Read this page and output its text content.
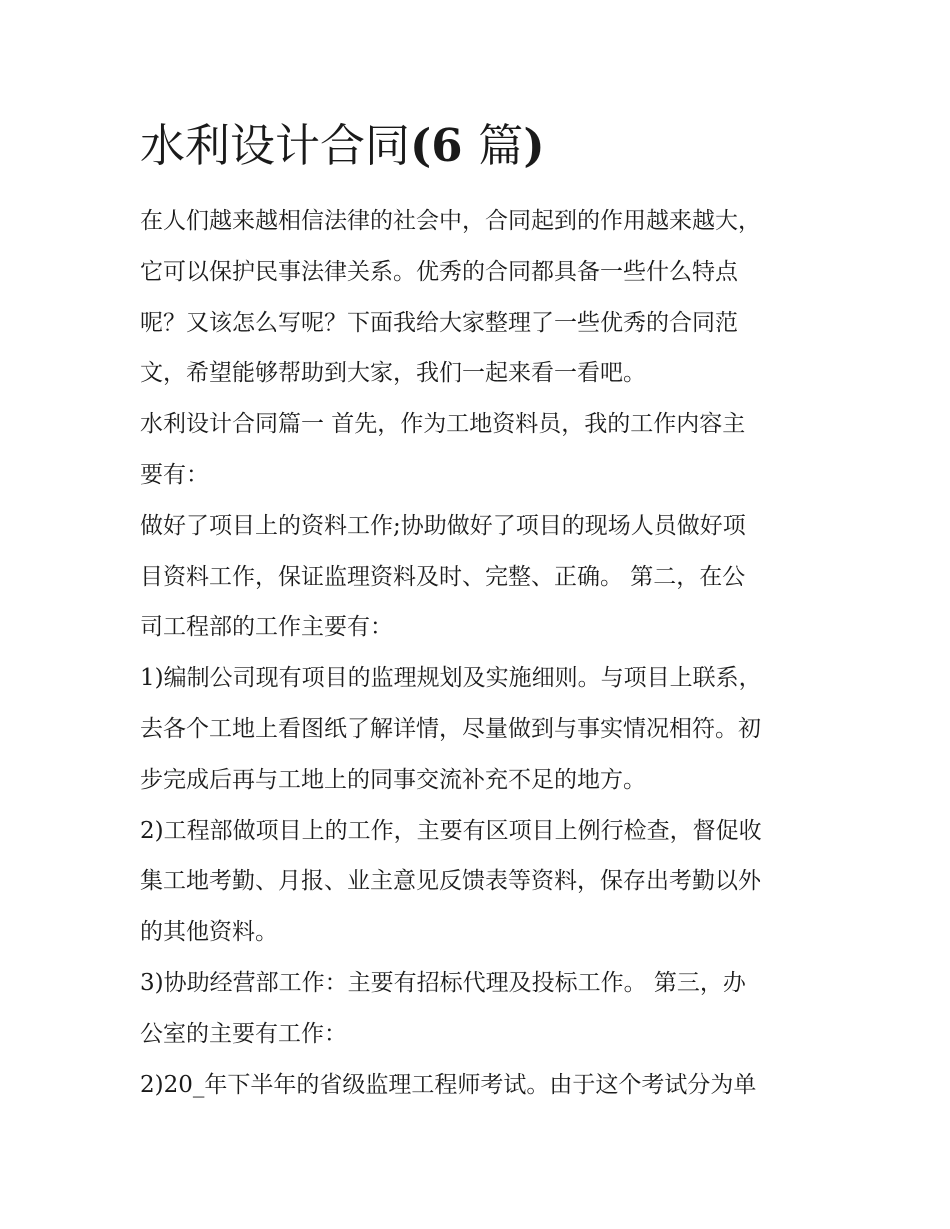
水利设计合同(6 篇)
在人们越来越相信法律的社会中，合同起到的作用越来越大，
它可以保护民事法律关系。优秀的合同都具备一些什么特点
呢？又该怎么写呢？下面我给大家整理了一些优秀的合同范
文，希望能够帮助到大家，我们一起来看一看吧。
水利设计合同篇一 首先，作为工地资料员，我的工作内容主
要有：
做好了项目上的资料工作;协助做好了项目的现场人员做好项
目资料工作，保证监理资料及时、完整、正确。 第二，在公
司工程部的工作主要有：
1)编制公司现有项目的监理规划及实施细则。与项目上联系，
去各个工地上看图纸了解详情，尽量做到与事实情况相符。初
步完成后再与工地上的同事交流补充不足的地方。
2)工程部做项目上的工作，主要有区项目上例行检查，督促收
集工地考勤、月报、业主意见反馈表等资料，保存出考勤以外
的其他资料。
3)协助经营部工作：主要有招标代理及投标工作。 第三，办
公室的主要有工作：
2)20_年下半年的省级监理工程师考试。由于这个考试分为单
